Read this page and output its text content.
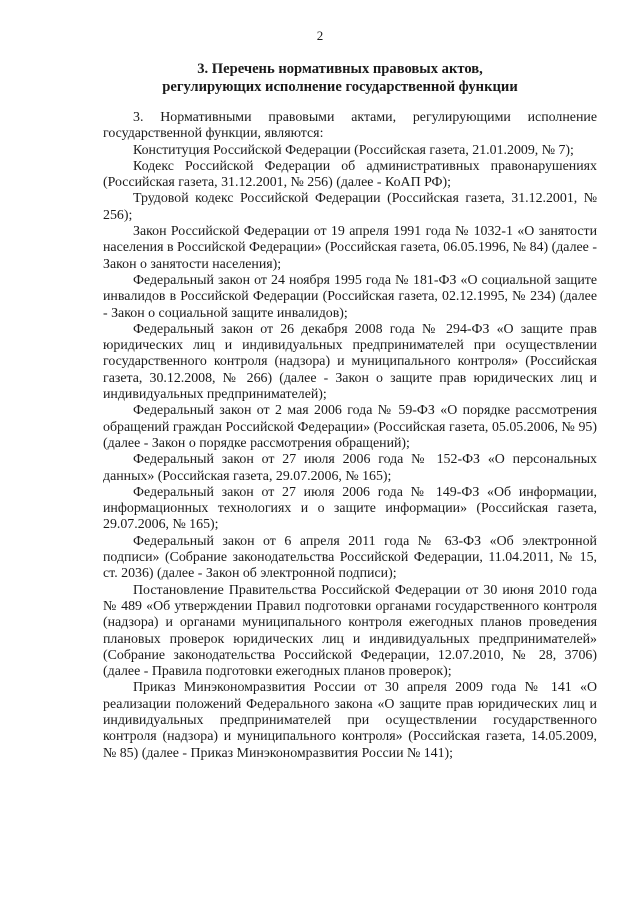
2
3. Перечень нормативных правовых актов,
регулирующих исполнение государственной функции

3. Нормативными правовыми актами, регулирующими исполнение государственной функции, являются:

Конституция Российской Федерации (Российская газета, 21.01.2009, № 7);

Кодекс Российской Федерации об административных правонарушениях (Российская газета, 31.12.2001, № 256) (далее - КоАП РФ);

Трудовой кодекс Российской Федерации (Российская газета, 31.12.2001, № 256);

Закон Российской Федерации от 19 апреля 1991 года № 1032-1 «О занятости населения в Российской Федерации» (Российская газета, 06.05.1996, № 84) (далее - Закон о занятости населения);

Федеральный закон от 24 ноября 1995 года № 181-ФЗ «О социальной защите инвалидов в Российской Федерации (Российская газета, 02.12.1995, № 234) (далее - Закон о социальной защите инвалидов);

Федеральный закон от 26 декабря 2008 года № 294-ФЗ «О защите прав юридических лиц и индивидуальных предпринимателей при осуществлении государственного контроля (надзора) и муниципального контроля» (Российская газета, 30.12.2008, № 266) (далее - Закон о защите прав юридических лиц и индивидуальных предпринимателей);

Федеральный закон от 2 мая 2006 года № 59-ФЗ «О порядке рассмотрения обращений граждан Российской Федерации» (Российская газета, 05.05.2006, № 95) (далее - Закон о порядке рассмотрения обращений);

Федеральный закон от 27 июля 2006 года № 152-ФЗ «О персональных данных» (Российская газета, 29.07.2006, № 165);

Федеральный закон от 27 июля 2006 года № 149-ФЗ «Об информации, информационных технологиях и о защите информации» (Российская газета, 29.07.2006, № 165);

Федеральный закон от 6 апреля 2011 года № 63-ФЗ «Об электронной подписи» (Собрание законодательства Российской Федерации, 11.04.2011, № 15, ст. 2036) (далее - Закон об электронной подписи);

Постановление Правительства Российской Федерации от 30 июня 2010 года № 489 «Об утверждении Правил подготовки органами государственного контроля (надзора) и органами муниципального контроля ежегодных планов проведения плановых проверок юридических лиц и индивидуальных предпринимателей» (Собрание законодательства Российской Федерации, 12.07.2010, № 28, 3706) (далее - Правила подготовки ежегодных планов проверок);

Приказ Минэкономразвития России от 30 апреля 2009 года № 141 «О реализации положений Федерального закона «О защите прав юридических лиц и индивидуальных предпринимателей при осуществлении государственного контроля (надзора) и муниципального контроля» (Российская газета, 14.05.2009, № 85) (далее - Приказ Минэкономразвития России № 141);
